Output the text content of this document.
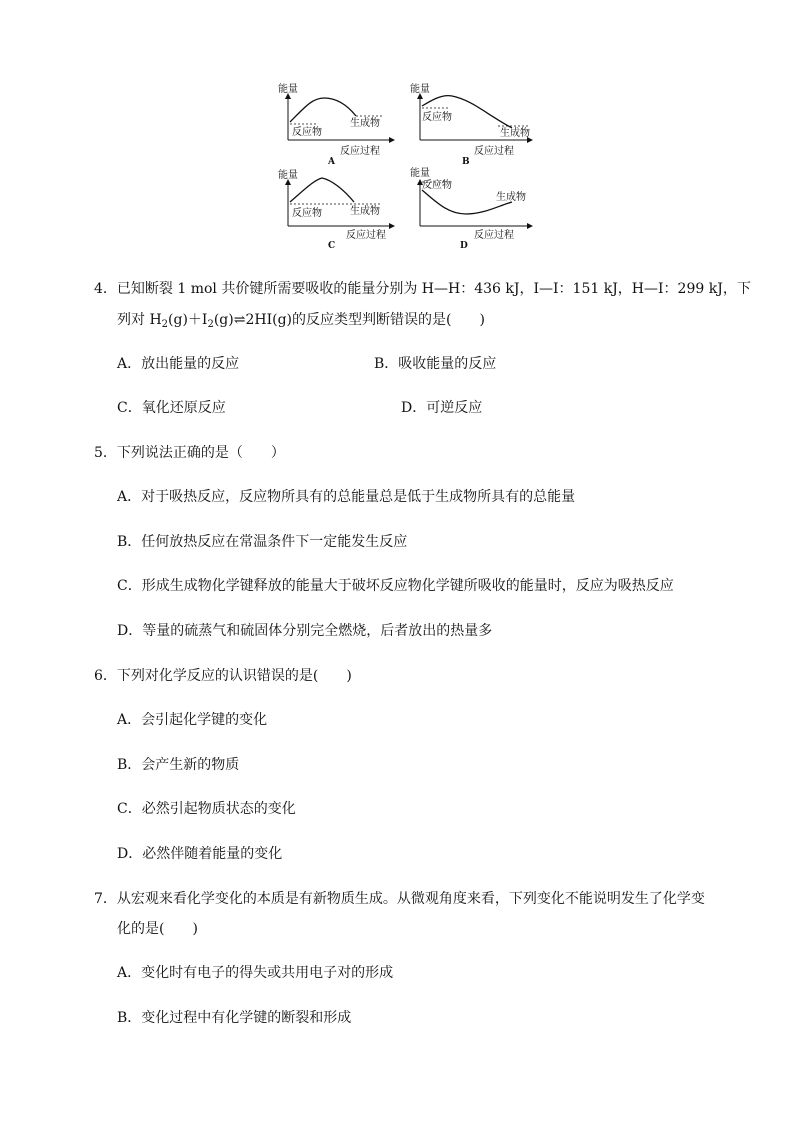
能量
反应物
生成物
反应过程
A
能量
反应物
生成物
反应过程
B
能量
反应物	生成物
反应过程
C
能量
反应物
生成物
反应过程
D
4．已知断裂 1 mol 共价键所需要吸收的能量分别为 H—H：436 kJ，I—I：151 kJ，H—I：299 kJ，下
列对 $H_2(g)+I_2(g)\rightleftharpoons 2HI(g)$的反应类型判断错误的是(　　)
A．放出能量的反应	B．吸收能量的反应
C．氧化还原反应	D．可逆反应
5．下列说法正确的是（　　）
A．对于吸热反应，反应物所具有的总能量总是低于生成物所具有的总能量
B．任何放热反应在常温条件下一定能发生反应
C．形成生成物化学键释放的能量大于破坏反应物化学键所吸收的能量时，反应为吸热反应
D．等量的硫蒸气和硫固体分别完全燃烧，后者放出的热量多
6．下列对化学反应的认识错误的是(　　)
A．会引起化学键的变化
B．会产生新的物质
C．必然引起物质状态的变化
D．必然伴随着能量的变化
7．从宏观来看化学变化的本质是有新物质生成。从微观角度来看，下列变化不能说明发生了化学变
化的是(　　)
A．变化时有电子的得失或共用电子对的形成
B．变化过程中有化学键的断裂和形成
